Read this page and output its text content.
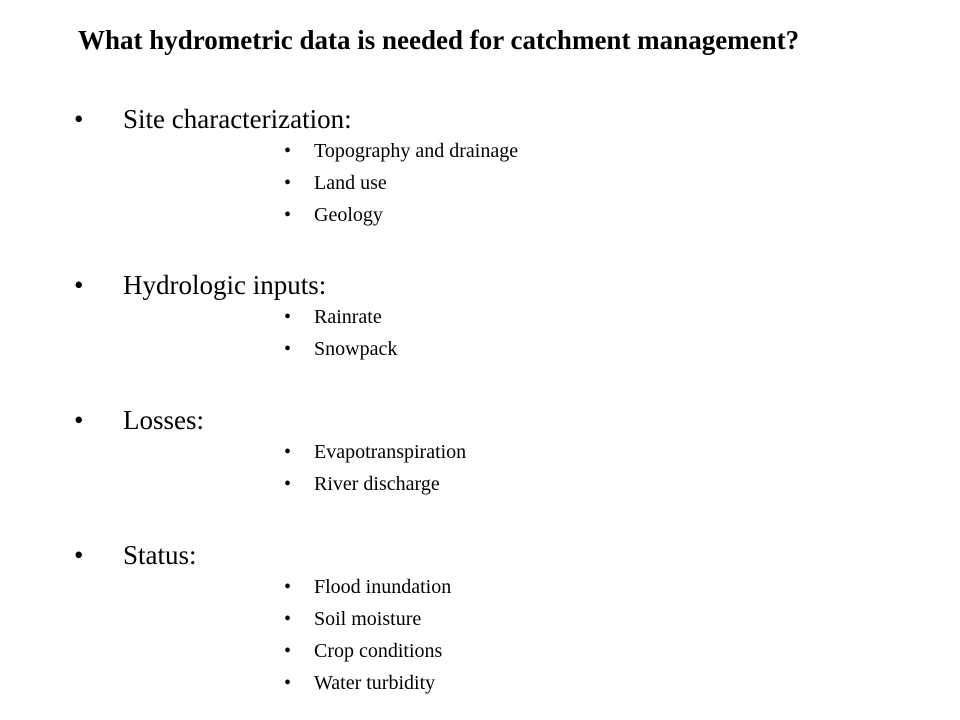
What hydrometric data is needed for catchment management?
• Site characterization:
• Topography and drainage
• Land use
• Geology
• Hydrologic inputs:
• Rainrate
• Snowpack
• Losses:
• Evapotranspiration
• River discharge
• Status:
• Flood inundation
• Soil moisture
• Crop conditions
• Water turbidity
